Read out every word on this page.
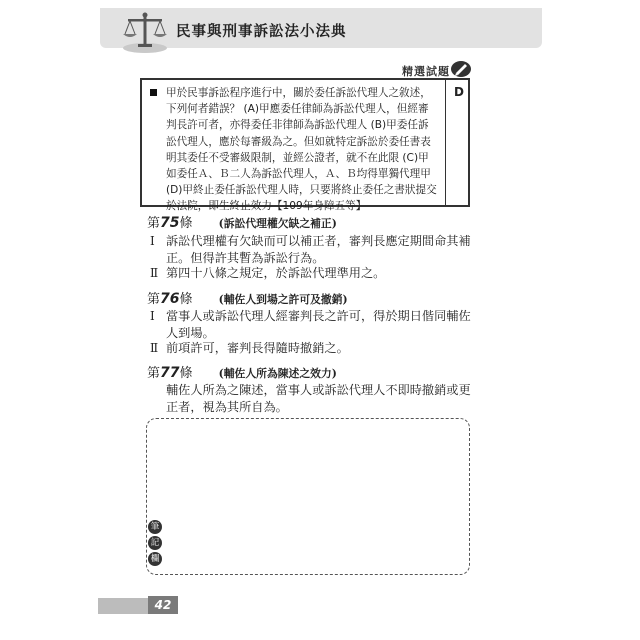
民事與刑事訴訟法小法典
精選試題
甲於民事訴訟程序進行中，關於委任訴訟代理人之敘述，下列何者錯誤？ (A)甲應委任律師為訴訟代理人，但經審判長許可者，亦得委任非律師為訴訟代理人 (B)甲委任訴訟代理人，應於每審級為之。但如就特定訴訟於委任書表明其委任不受審級限制，並經公證者，就不在此限 (C)甲如委任Ａ、Ｂ二人為訴訟代理人，Ａ、Ｂ均得單獨代理甲 (D)甲終止委任訴訟代理人時，只要將終止委任之書狀提交於法院，即生終止效力【109年身障五等】
D
第75條 (訴訟代理權欠缺之補正)
Ⅰ 訴訟代理權有欠缺而可以補正者，審判長應定期間命其補正。但得許其暫為訴訟行為。
Ⅱ 第四十八條之規定，於訴訟代理準用之。
第76條 (輔佐人到場之許可及撤銷)
Ⅰ 當事人或訴訟代理人經審判長之許可，得於期日偕同輔佐人到場。
Ⅱ 前項許可，審判長得隨時撤銷之。
第77條 (輔佐人所為陳述之效力)
輔佐人所為之陳述，當事人或訴訟代理人不即時撤銷或更正者，視為其所自為。
筆
記
欄
42
